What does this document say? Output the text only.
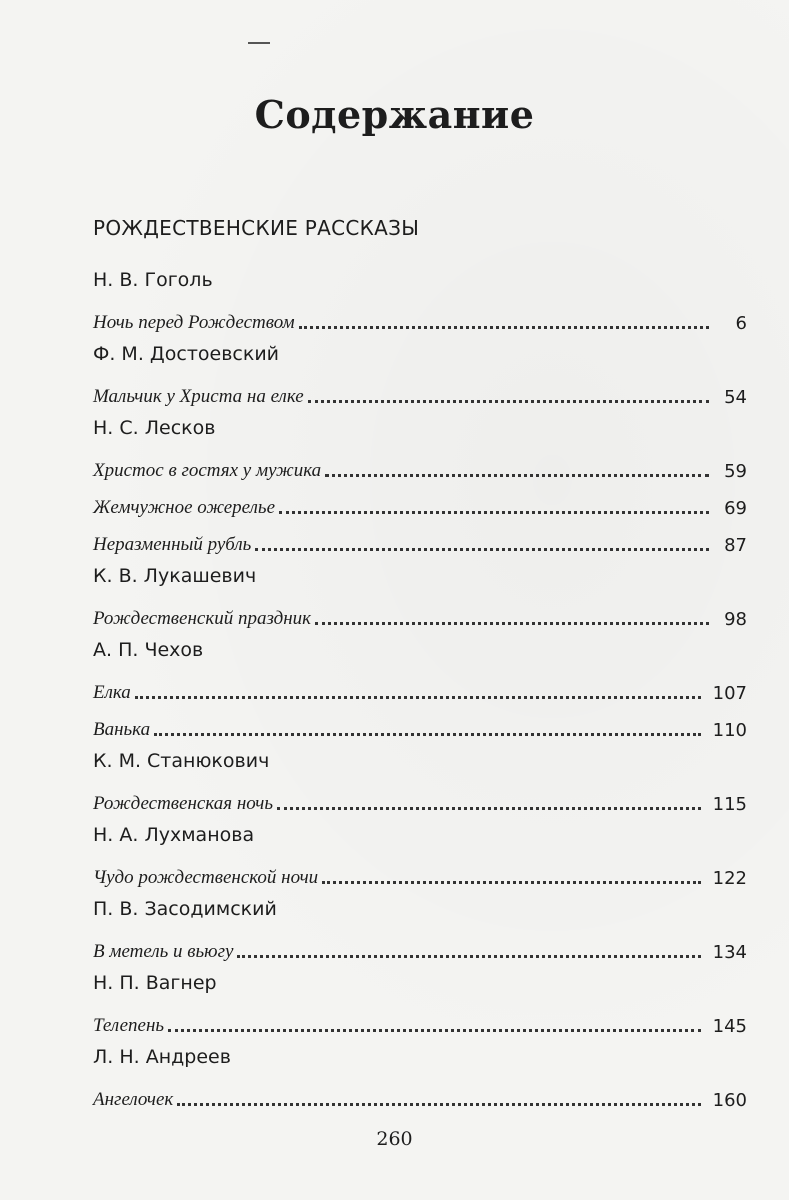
Содержание
РОЖДЕСТВЕНСКИЕ РАССКАЗЫ
Н. В. Гоголь
Ночь перед Рождеством	6
Ф. М. Достоевский
Мальчик у Христа на елке	54
Н. С. Лесков
Христос в гостях у мужика	59
Жемчужное ожерелье	69
Неразменный рубль	87
К. В. Лукашевич
Рождественский праздник	98
А. П. Чехов
Елка	107
Ванька	110
К. М. Станюкович
Рождественская ночь	115
Н. А. Лухманова
Чудо рождественской ночи	122
П. В. Засодимский
В метель и вьюгу	134
Н. П. Вагнер
Телепень	145
Л. Н. Андреев
Ангелочек	160
260
